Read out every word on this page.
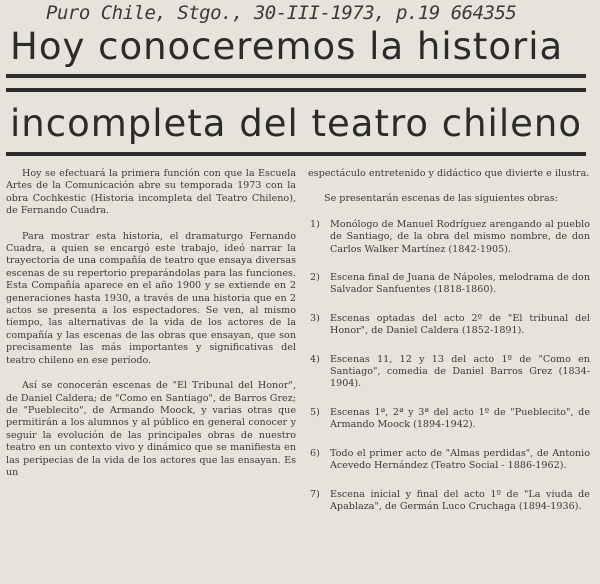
Puro Chile, Stgo., 30-III-1973, p.19 664355
Hoy conoceremos la historia
incompleta del teatro chileno

Hoy se efectuará la primera función con que la Escuela Artes de la Comunicación abre su temporada 1973 con la obra Cochkestic (Historia incompleta del Teatro Chileno), de Fernando Cuadra.

Para mostrar esta historia, el dramaturgo Fernando Cuadra, a quien se encargó este trabajo, ideó narrar la trayectoria de una compañía de teatro que ensaya diversas escenas de su repertorio preparándolas para las funciones. Esta Compañía aparece en el año 1900 y se extiende en 2 generaciones hasta 1930, a través de una historia que en 2 actos se presenta a los espectadores. Se ven, al mismo tiempo, las alternativas de la vida de los actores de la compañía y las escenas de las obras que ensayan, que son precisamente las más importantes y significativas del teatro chileno en ese período.

Así se conocerán escenas de "El Tribunal del Honor", de Daniel Caldera; de "Como en Santiago", de Barros Grez; de "Pueblecito", de Armando Moock, y varias otras que permitirán a los alumnos y al público en general conocer y seguir la evolución de las principales obras de nuestro teatro en un contexto vivo y dinámico que se manifiesta en las peripecias de la vida de los actores que las ensayan. Es un

espectáculo entretenido y didáctico que divierte e ilustra.

Se presentarán escenas de las siguientes obras:

1) Monólogo de Manuel Rodríguez arengando al pueblo de Santiago, de la obra del mismo nombre, de don Carlos Walker Martínez (1842-1905).
2) Escena final de Juana de Nápoles, melodrama de don Salvador Sanfuentes (1818-1860).
3) Escenas optadas del acto 2º de "El tribunal del Honor", de Daniel Caldera (1852-1891).
4) Escenas 11, 12 y 13 del acto 1º de "Como en Santiago", comedia de Daniel Barros Grez (1834-1904).
5) Escenas 1ª, 2ª y 3ª del acto 1º de "Pueblecito", de Armando Moock (1894-1942).
6) Todo el primer acto de "Almas perdidas", de Antonio Acevedo Hernández (Teatro Social - 1886-1962).
7) Escena inicial y final del acto 1º de "La viuda de Apablaza", de Germán Luco Cruchaga (1894-1936).
